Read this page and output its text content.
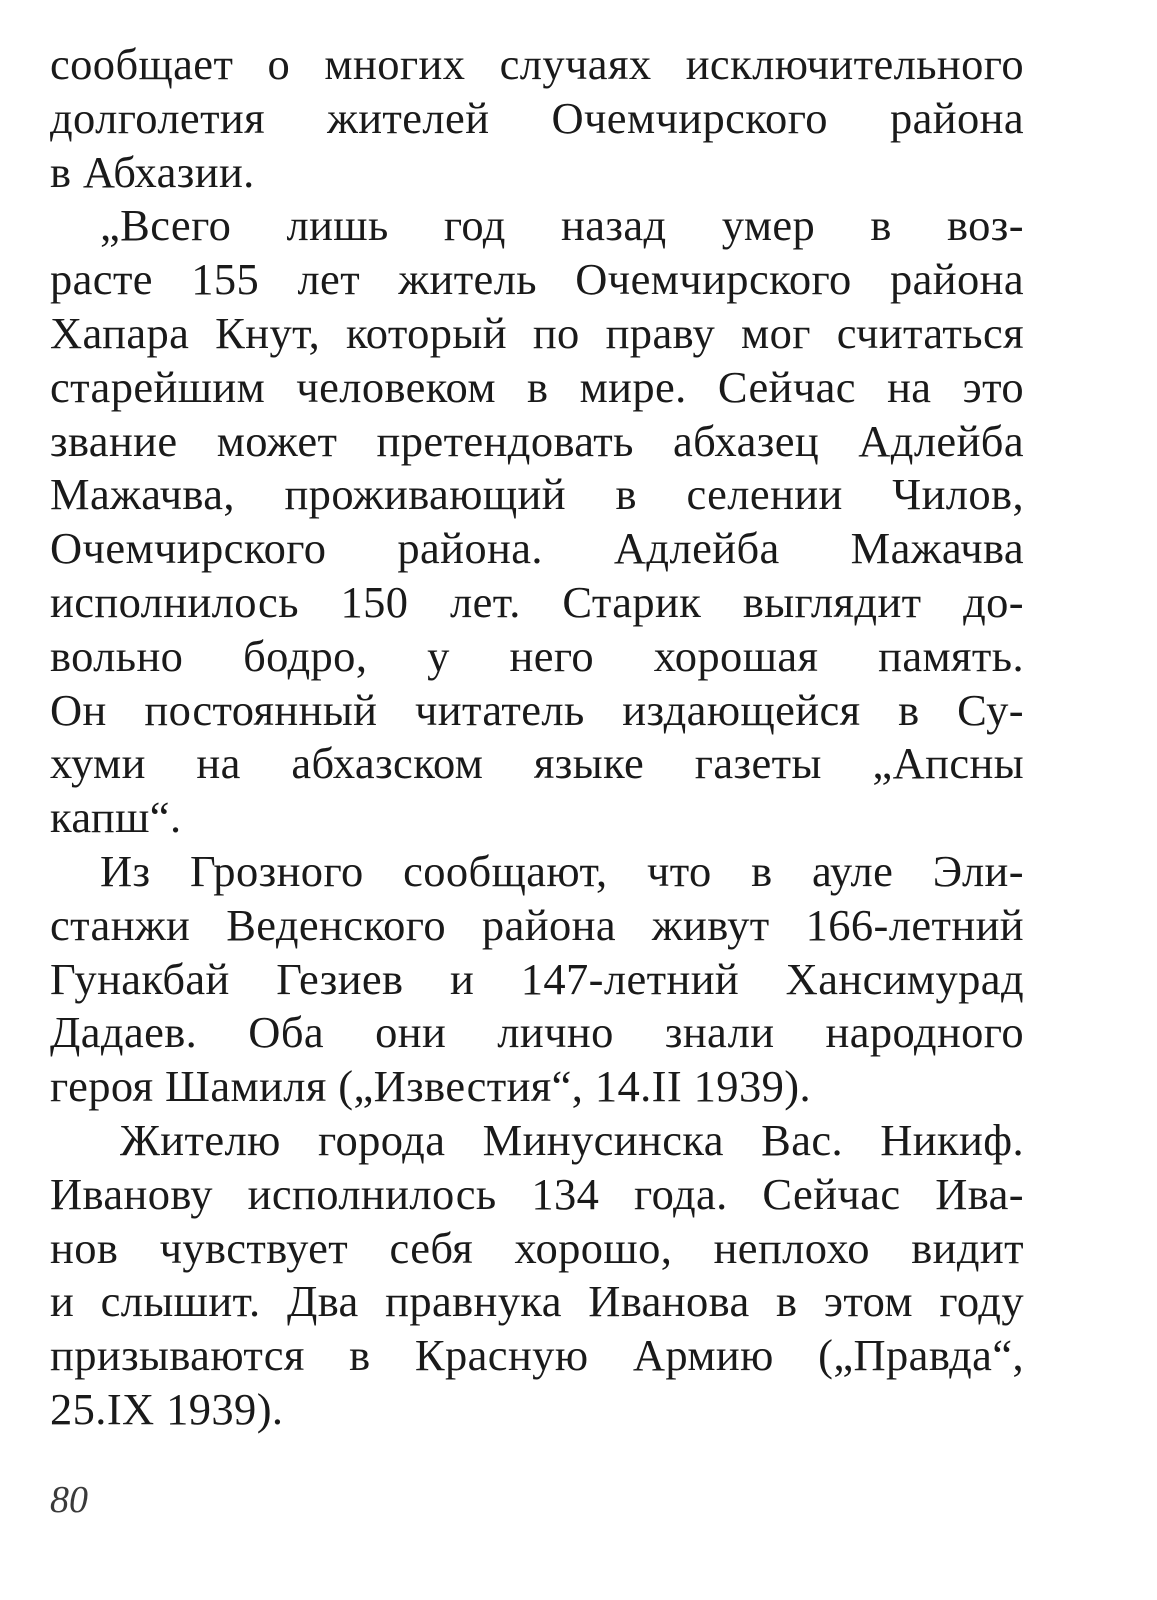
сообщает о многих случаях исключительного
долголетия жителей Очемчирского района
в Абхазии.

„Всего лишь год назад умер в воз-
расте 155 лет житель Очемчирского района
Хапара Кнут, который по праву мог считаться
старейшим человеком в мире. Сейчас на это
звание может претендовать абхазец Адлейба
Мажачва, проживающий в селении Чилов,
Очемчирского района. Адлейба Мажачва
исполнилось 150 лет. Старик выглядит до-
вольно бодро, у него хорошая память.
Он постоянный читатель издающейся в Су-
хуми на абхазском языке газеты „Апсны
капш“.

Из Грозного сообщают, что в ауле Эли-
станжи Веденского района живут 166-летний
Гунакбай Гезиев и 147-летний Хансимурад
Дадаев. Оба они лично знали народного
героя Шамиля („Известия“, 14.II 1939).

Жителю города Минусинска Вас. Никиф.
Иванову исполнилось 134 года. Сейчас Ива-
нов чувствует себя хорошо, неплохо видит
и слышит. Два правнука Иванова в этом году
призываются в Красную Армию („Правда“,
25.IX 1939).

80
